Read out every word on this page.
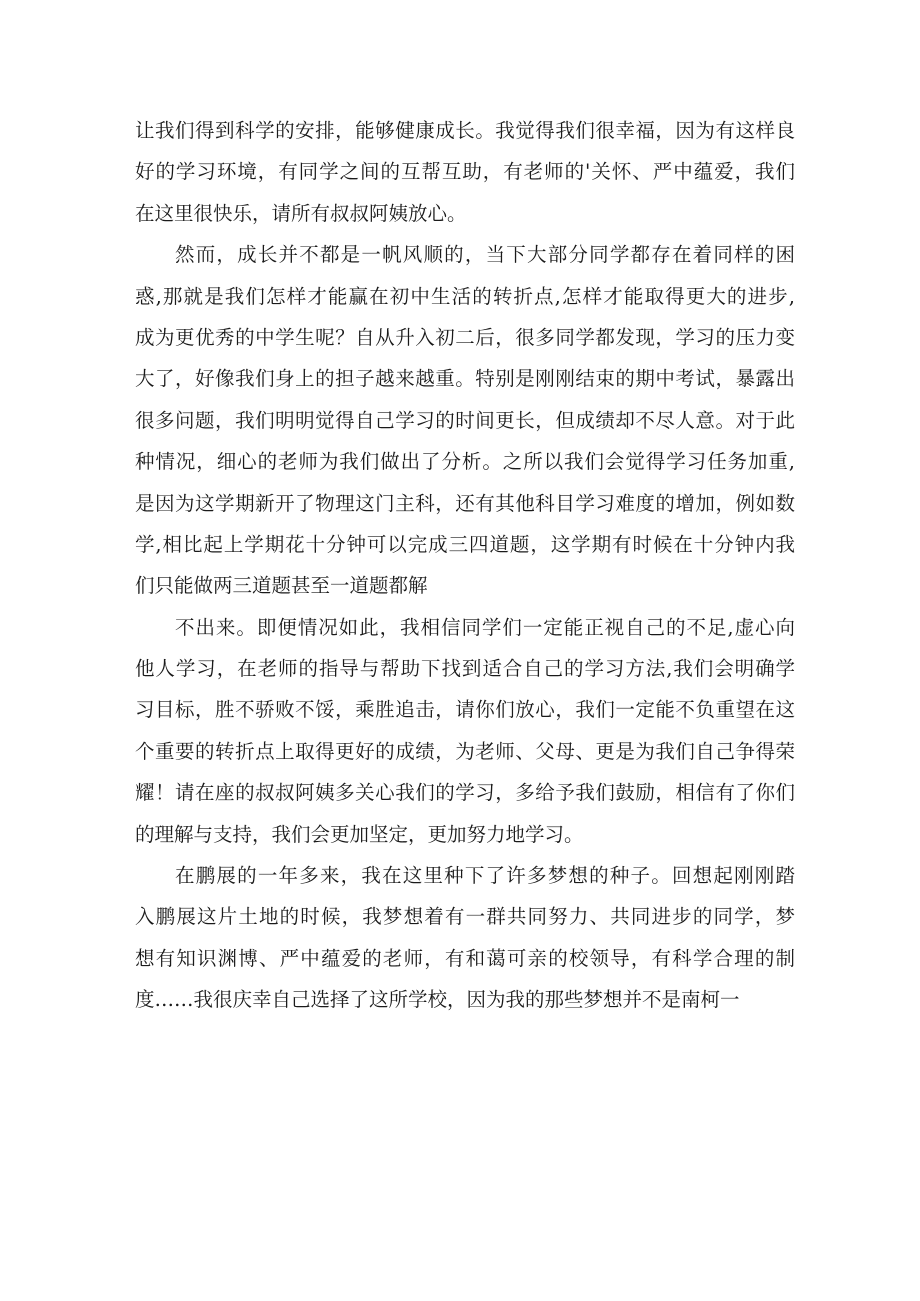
让我们得到科学的安排，能够健康成长。我觉得我们很幸福，因为有这样良
好的学习环境，有同学之间的互帮互助，有老师的'关怀、严中蕴爱，我们
在这里很快乐，请所有叔叔阿姨放心。
然而，成长并不都是一帆风顺的，当下大部分同学都存在着同样的困
惑,那就是我们怎样才能赢在初中生活的转折点,怎样才能取得更大的进步,
成为更优秀的中学生呢？自从升入初二后，很多同学都发现，学习的压力变
大了，好像我们身上的担子越来越重。特别是刚刚结束的期中考试，暴露出
很多问题，我们明明觉得自己学习的时间更长，但成绩却不尽人意。对于此
种情况，细心的老师为我们做出了分析。之所以我们会觉得学习任务加重,
是因为这学期新开了物理这门主科，还有其他科目学习难度的增加，例如数
学,相比起上学期花十分钟可以完成三四道题，这学期有时候在十分钟内我
们只能做两三道题甚至一道题都解
不出来。即便情况如此，我相信同学们一定能正视自己的不足,虚心向
他人学习，在老师的指导与帮助下找到适合自己的学习方法,我们会明确学
习目标，胜不骄败不馁，乘胜追击，请你们放心，我们一定能不负重望在这
个重要的转折点上取得更好的成绩，为老师、父母、更是为我们自己争得荣
耀！请在座的叔叔阿姨多关心我们的学习，多给予我们鼓励，相信有了你们
的理解与支持，我们会更加坚定，更加努力地学习。
在鹏展的一年多来，我在这里种下了许多梦想的种子。回想起刚刚踏
入鹏展这片土地的时候，我梦想着有一群共同努力、共同进步的同学，梦
想有知识渊博、严中蕴爱的老师，有和蔼可亲的校领导，有科学合理的制
度……我很庆幸自己选择了这所学校，因为我的那些梦想并不是南柯一
